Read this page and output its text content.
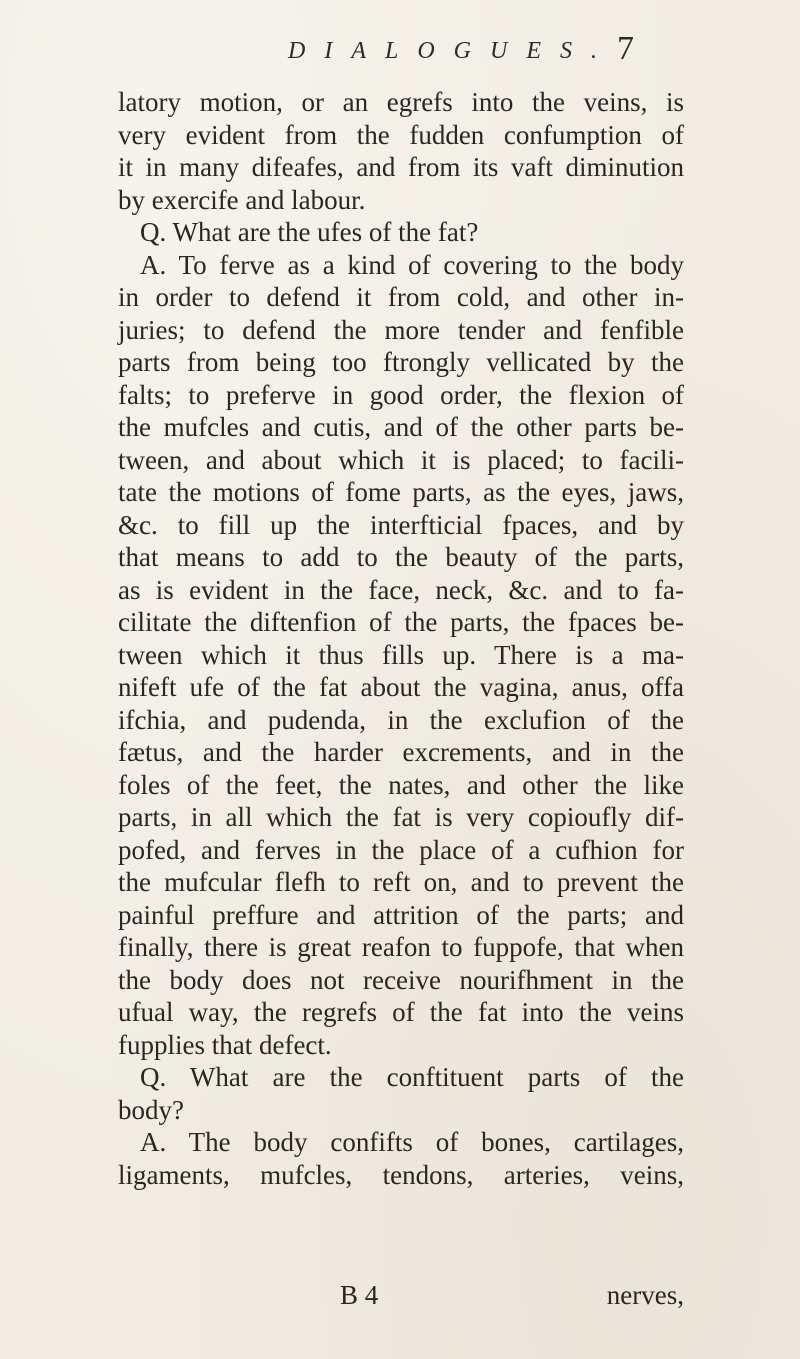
DIALOGUES. 7
latory motion, or an egrefs into the veins, is
very evident from the fudden confumption of
it in many difeafes, and from its vaft diminution
by exercife and labour.
Q. What are the ufes of the fat?
A. To ferve as a kind of covering to the body
in order to defend it from cold, and other in-
juries; to defend the more tender and fenfible
parts from being too ftrongly vellicated by the
falts; to preferve in good order, the flexion of
the mufcles and cutis, and of the other parts be-
tween, and about which it is placed; to facili-
tate the motions of fome parts, as the eyes, jaws,
&c. to fill up the interfticial fpaces, and by
that means to add to the beauty of the parts,
as is evident in the face, neck, &c. and to fa-
cilitate the diftenfion of the parts, the fpaces be-
tween which it thus fills up. There is a ma-
nifeft ufe of the fat about the vagina, anus, offa
ifchia, and pudenda, in the exclufion of the
fætus, and the harder excrements, and in the
foles of the feet, the nates, and other the like
parts, in all which the fat is very copioufly dif-
pofed, and ferves in the place of a cufhion for
the mufcular flefh to reft on, and to prevent the
painful preffure and attrition of the parts; and
finally, there is great reafon to fuppofe, that when
the body does not receive nourifhment in the
ufual way, the regrefs of the fat into the veins
fupplies that defect.
Q. What are the conftituent parts of the
body?
A. The body confifts of bones, cartilages,
ligaments, mufcles, tendons, arteries, veins,
B 4	nerves,
